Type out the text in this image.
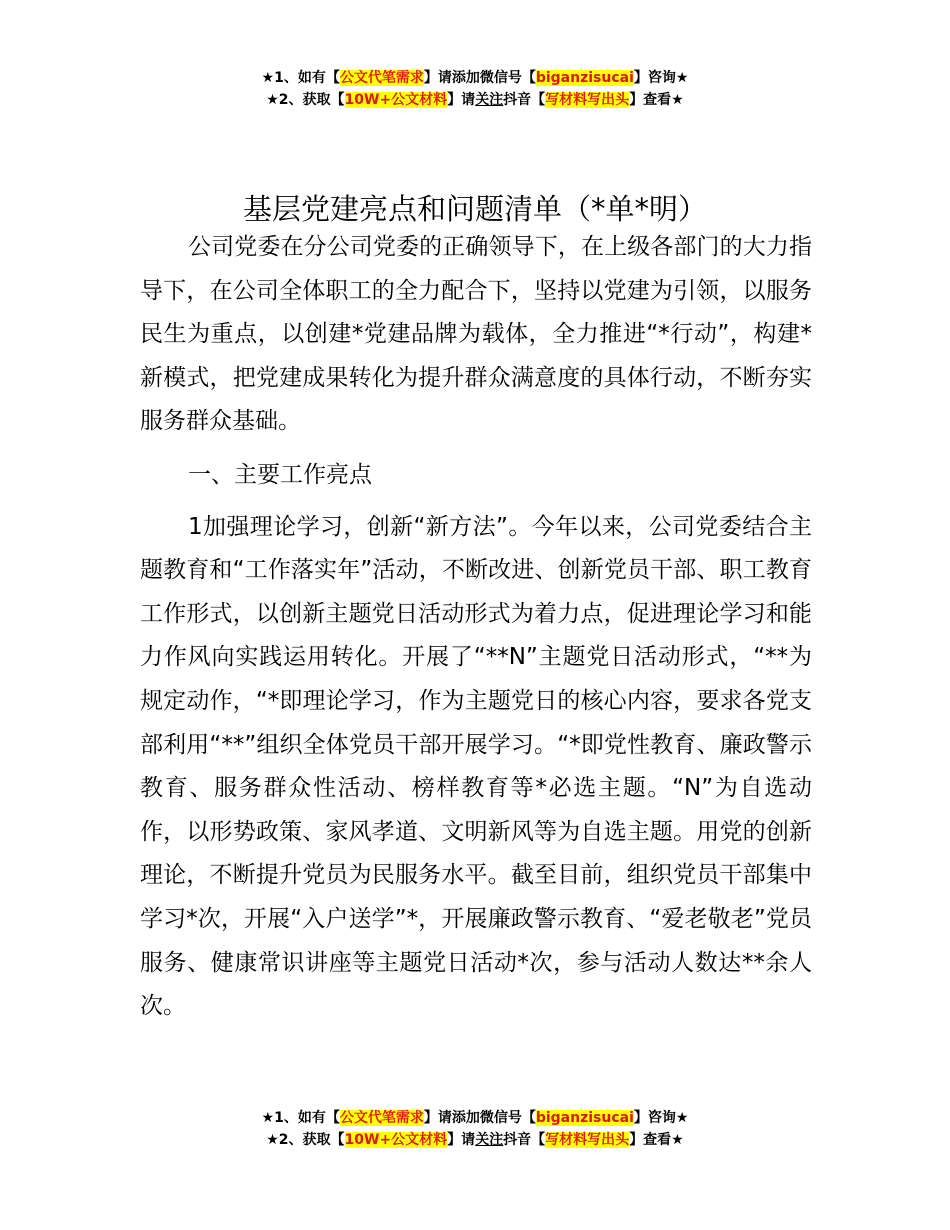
★1、如有【公文代笔需求】请添加微信号【biganzisucai】咨询★
★2、获取【10W+公文材料】请关注抖音【写材料写出头】查看★
基层党建亮点和问题清单（*单*明）

公司党委在分公司党委的正确领导下，在上级各部门的大力指导下，在公司全体职工的全力配合下，坚持以党建为引领，以服务民生为重点，以创建*党建品牌为载体，全力推进“*行动”，构建*新模式，把党建成果转化为提升群众满意度的具体行动，不断夯实服务群众基础。

一、主要工作亮点

1加强理论学习，创新“新方法”。今年以来，公司党委结合主题教育和“工作落实年”活动，不断改进、创新党员干部、职工教育工作形式，以创新主题党日活动形式为着力点，促进理论学习和能力作风向实践运用转化。开展了“**N”主题党日活动形式，“**为规定动作，“*即理论学习，作为主题党日的核心内容，要求各党支部利用“**”组织全体党员干部开展学习。“*即党性教育、廉政警示教育、服务群众性活动、榜样教育等*必选主题。“N”为自选动作，以形势政策、家风孝道、文明新风等为自选主题。用党的创新理论，不断提升党员为民服务水平。截至目前，组织党员干部集中学习*次，开展“入户送学”*，开展廉政警示教育、“爱老敬老”党员服务、健康常识讲座等主题党日活动*次，参与活动人数达**余人次。

★1、如有【公文代笔需求】请添加微信号【biganzisucai】咨询★
★2、获取【10W+公文材料】请关注抖音【写材料写出头】查看★
